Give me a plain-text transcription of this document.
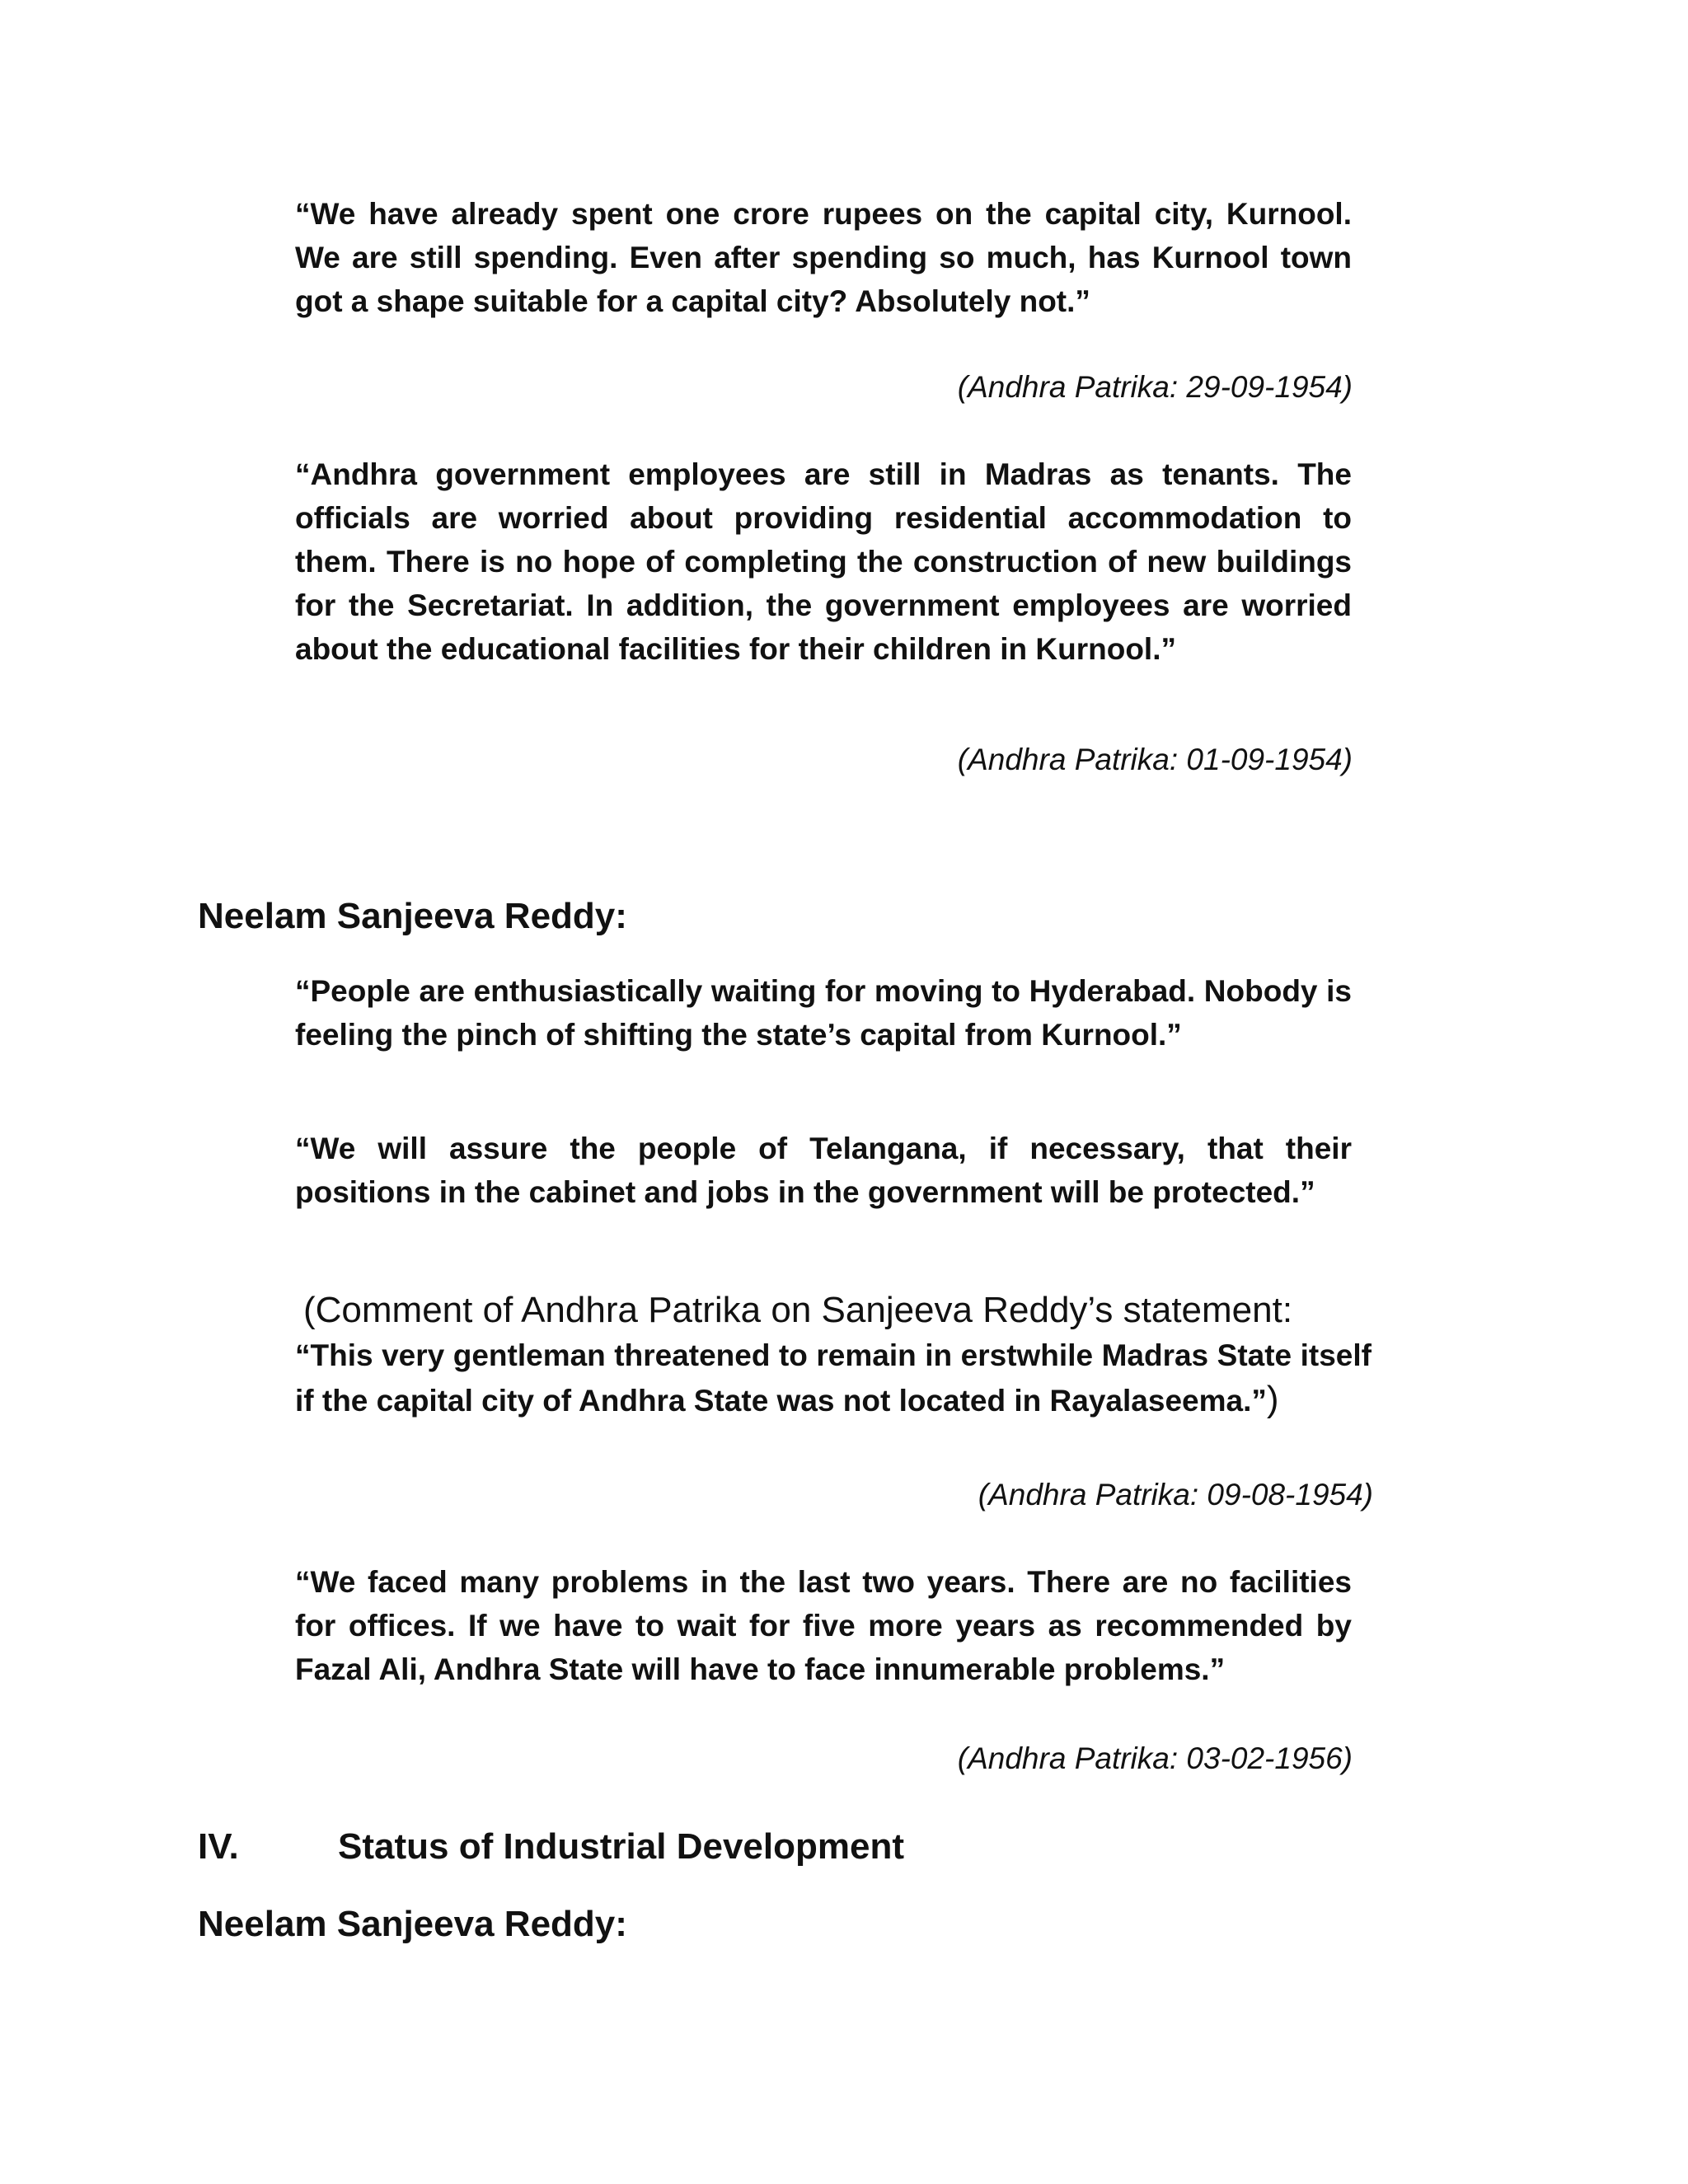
“We have already spent one crore rupees on the capital city, Kurnool. We are still spending. Even after spending so much, has Kurnool town got a shape suitable for a capital city? Absolutely not.”

(Andhra Patrika: 29-09-1954)

“Andhra government employees are still in Madras as tenants. The officials are worried about providing residential accommodation to them. There is no hope of completing the construction of new buildings for the Secretariat. In addition, the government employees are worried about the educational facilities for their children in Kurnool.”

(Andhra Patrika: 01-09-1954)

Neelam Sanjeeva Reddy:

“People are enthusiastically waiting for moving to Hyderabad. Nobody is feeling the pinch of shifting the state’s capital from Kurnool.”

“We will assure the people of Telangana, if necessary, that their positions in the cabinet and jobs in the government will be protected.”

(Comment of Andhra Patrika on Sanjeeva Reddy’s statement:
“This very gentleman threatened to remain in erstwhile Madras State itself if the capital city of Andhra State was not located in Rayalaseema.”)

(Andhra Patrika: 09-08-1954)

“We faced many problems in the last two years. There are no facilities for offices. If we have to wait for five more years as recommended by Fazal Ali, Andhra State will have to face innumerable problems.”

(Andhra Patrika: 03-02-1956)

IV.	Status of Industrial Development

Neelam Sanjeeva Reddy:
